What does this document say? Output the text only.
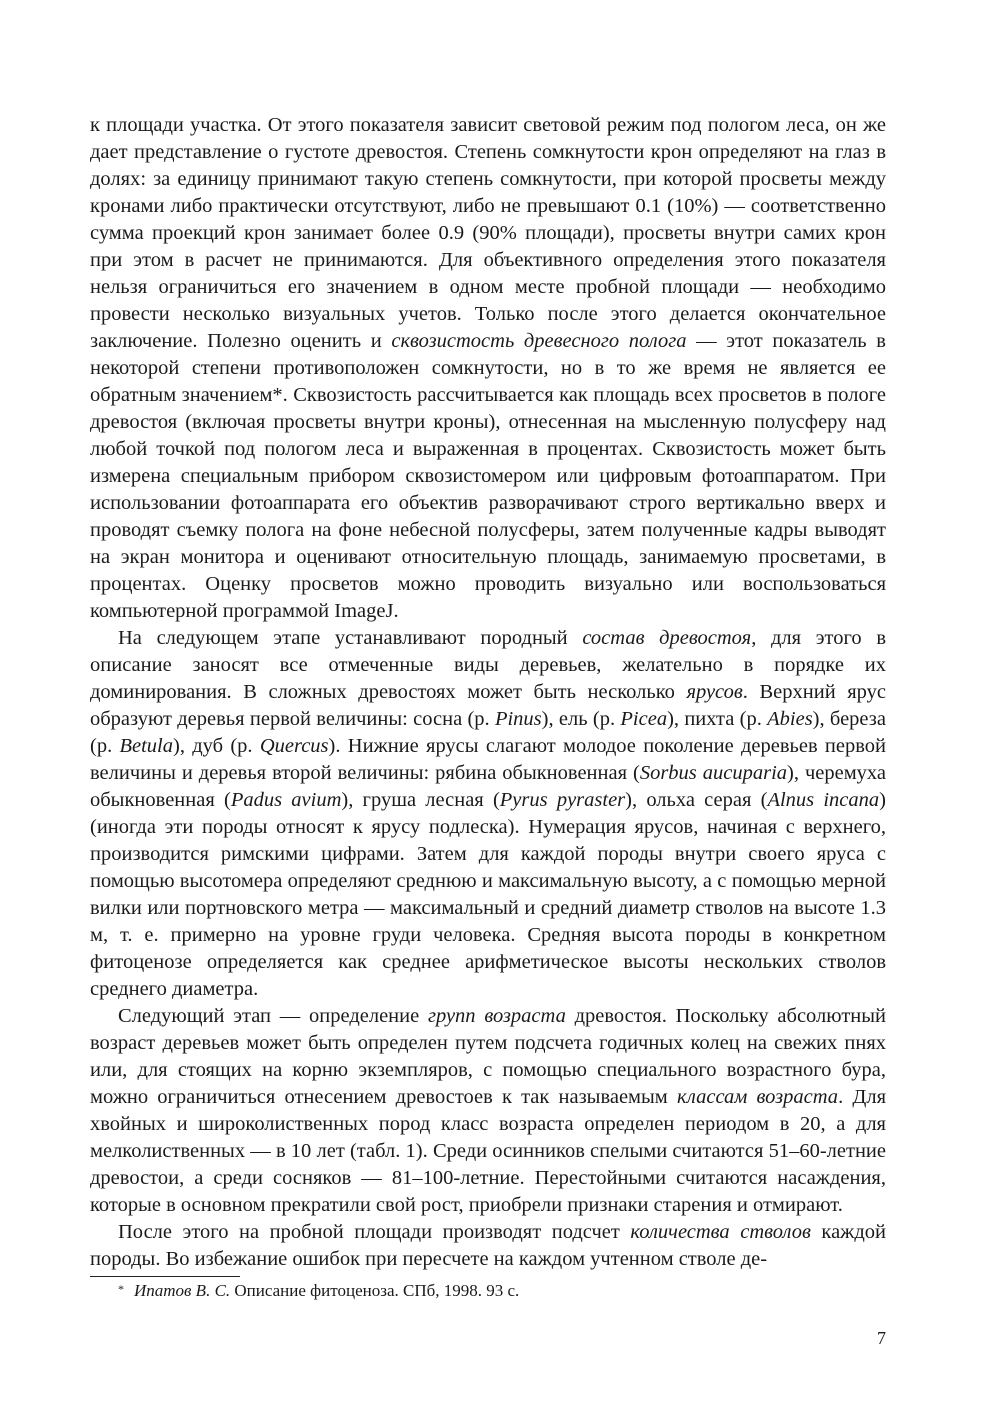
к площади участка. От этого показателя зависит световой режим под пологом леса, он же дает представление о густоте древостоя. Степень сомкнутости крон определяют на глаз в долях: за единицу принимают такую степень сомкнутости, при которой просветы между кронами либо практически отсутствуют, либо не превышают 0.1 (10%) — соответственно сумма проекций крон занимает более 0.9 (90% площади), просветы внутри самих крон при этом в расчет не принимаются. Для объективного определения этого показателя нельзя ограничиться его значением в одном месте пробной площади — необходимо провести несколько визуальных учетов. Только после этого делается окончательное заключение. Полезно оценить и сквозистость древесного полога — этот показатель в некоторой степени противоположен сомкнутости, но в то же время не является ее обратным значением*. Сквозистость рассчитывается как площадь всех просветов в пологе древостоя (включая просветы внутри кроны), отнесенная на мысленную полусферу над любой точкой под пологом леса и выраженная в процентах. Сквозистость может быть измерена специальным прибором сквозистомером или цифровым фотоаппаратом. При использовании фотоаппарата его объектив разворачивают строго вертикально вверх и проводят съемку полога на фоне небесной полусферы, затем полученные кадры выводят на экран монитора и оценивают относительную площадь, занимаемую просветами, в процентах. Оценку просветов можно проводить визуально или воспользоваться компьютерной программой ImageJ.

На следующем этапе устанавливают породный состав древостоя, для этого в описание заносят все отмеченные виды деревьев, желательно в порядке их доминирования. В сложных древостоях может быть несколько ярусов. Верхний ярус образуют деревья первой величины: сосна (р. Pinus), ель (р. Picea), пихта (р. Abies), береза (р. Betula), дуб (р. Quercus). Нижние ярусы слагают молодое поколение деревьев первой величины и деревья второй величины: рябина обыкновенная (Sorbus aucuparia), черемуха обыкновенная (Padus avium), груша лесная (Pyrus pyraster), ольха серая (Alnus incana) (иногда эти породы относят к ярусу подлеска). Нумерация ярусов, начиная с верхнего, производится римскими цифрами. Затем для каждой породы внутри своего яруса с помощью высотомера определяют среднюю и максимальную высоту, а с помощью мерной вилки или портновского метра — максимальный и средний диаметр стволов на высоте 1.3 м, т. е. примерно на уровне груди человека. Средняя высота породы в конкретном фитоценозе определяется как среднее арифметическое высоты нескольких стволов среднего диаметра.

Следующий этап — определение групп возраста древостоя. Поскольку абсолютный возраст деревьев может быть определен путем подсчета годичных колец на свежих пнях или, для стоящих на корню экземпляров, с помощью специального возрастного бура, можно ограничиться отнесением древостоев к так называемым классам возраста. Для хвойных и широколиственных пород класс возраста определен периодом в 20, а для мелколиственных — в 10 лет (табл. 1). Среди осинников спелыми считаются 51–60-летние древостои, а среди сосняков — 81–100-летние. Перестойными считаются насаждения, которые в основном прекратили свой рост, приобрели признаки старения и отмирают.

После этого на пробной площади производят подсчет количества стволов каждой породы. Во избежание ошибок при пересчете на каждом учтенном стволе де-

* Ипатов В. С. Описание фитоценоза. СПб, 1998. 93 с.

7
